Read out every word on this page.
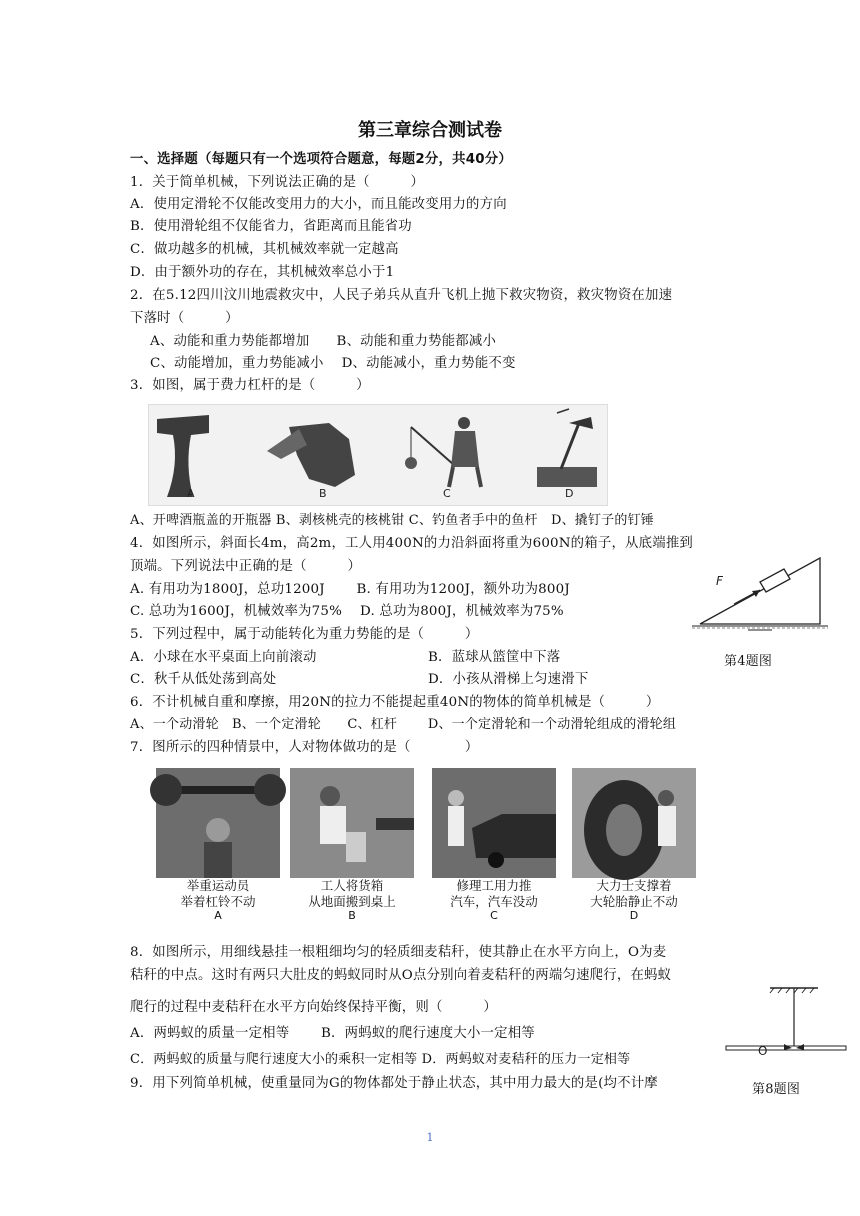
第三章综合测试卷
一、选择题（每题只有一个选项符合题意，每题2分，共40分）
1．关于简单机械，下列说法正确的是（　　　）
A．使用定滑轮不仅能改变用力的大小，而且能改变用力的方向
B．使用滑轮组不仅能省力，省距离而且能省功
C．做功越多的机械，其机械效率就一定越高
D．由于额外功的存在，其机械效率总小于1
2．在5.12四川汶川地震救灾中，人民子弟兵从直升飞机上抛下救灾物资，救灾物资在加速
下落时（　　　）
A、动能和重力势能都增加　　B、动能和重力势能都减小
C、动能增加，重力势能减小　 D、动能减小，重力势能不变
3．如图，属于费力杠杆的是（　　　）
A	B	C	D
A、开啤酒瓶盖的开瓶器 B、剥核桃壳的核桃钳 C、钓鱼者手中的鱼杆　D、撬钉子的钉锤
4．如图所示，斜面长4m，高2m，工人用400N的力沿斜面将重为600N的箱子，从底端推到
顶端。下列说法中正确的是（　　　）
A. 有用功为1800J，总功1200J　　 B. 有用功为1200J，额外功为800J
C. 总功为1600J，机械效率为75%　 D. 总功为800J，机械效率为75%
F
第4题图
5．下列过程中，属于动能转化为重力势能的是（　　　）
A．小球在水平桌面上向前滚动	B．蓝球从篮筐中下落
C．秋千从低处荡到高处	D．小孩从滑梯上匀速滑下
6．不计机械自重和摩擦，用20N的拉力不能提起重40N的物体的简单机械是（　　　）
A、一个动滑轮　B、一个定滑轮　　C、杠杆　　 D、一个定滑轮和一个动滑轮组成的滑轮组
7．图所示的四种情景中，人对物体做功的是（　　　　）
举重运动员
举着杠铃不动
A
工人将货箱
从地面搬到桌上
B
修理工用力推
汽车，汽车没动
C
大力士支撑着
大轮胎静止不动
D
8．如图所示，用细线悬挂一根粗细均匀的轻质细麦秸秆，使其静止在水平方向上，O为麦
秸秆的中点。这时有两只大肚皮的蚂蚁同时从O点分别向着麦秸秆的两端匀速爬行，在蚂蚁
爬行的过程中麦秸秆在水平方向始终保持平衡，则（　　　）
A．两蚂蚁的质量一定相等　　 B．两蚂蚁的爬行速度大小一定相等
C．两蚂蚁的质量与爬行速度大小的乘积一定相等 D．两蚂蚁对麦秸秆的压力一定相等
O
第8题图
9．用下列简单机械，使重量同为G的物体都处于静止状态，其中用力最大的是(均不计摩
1
